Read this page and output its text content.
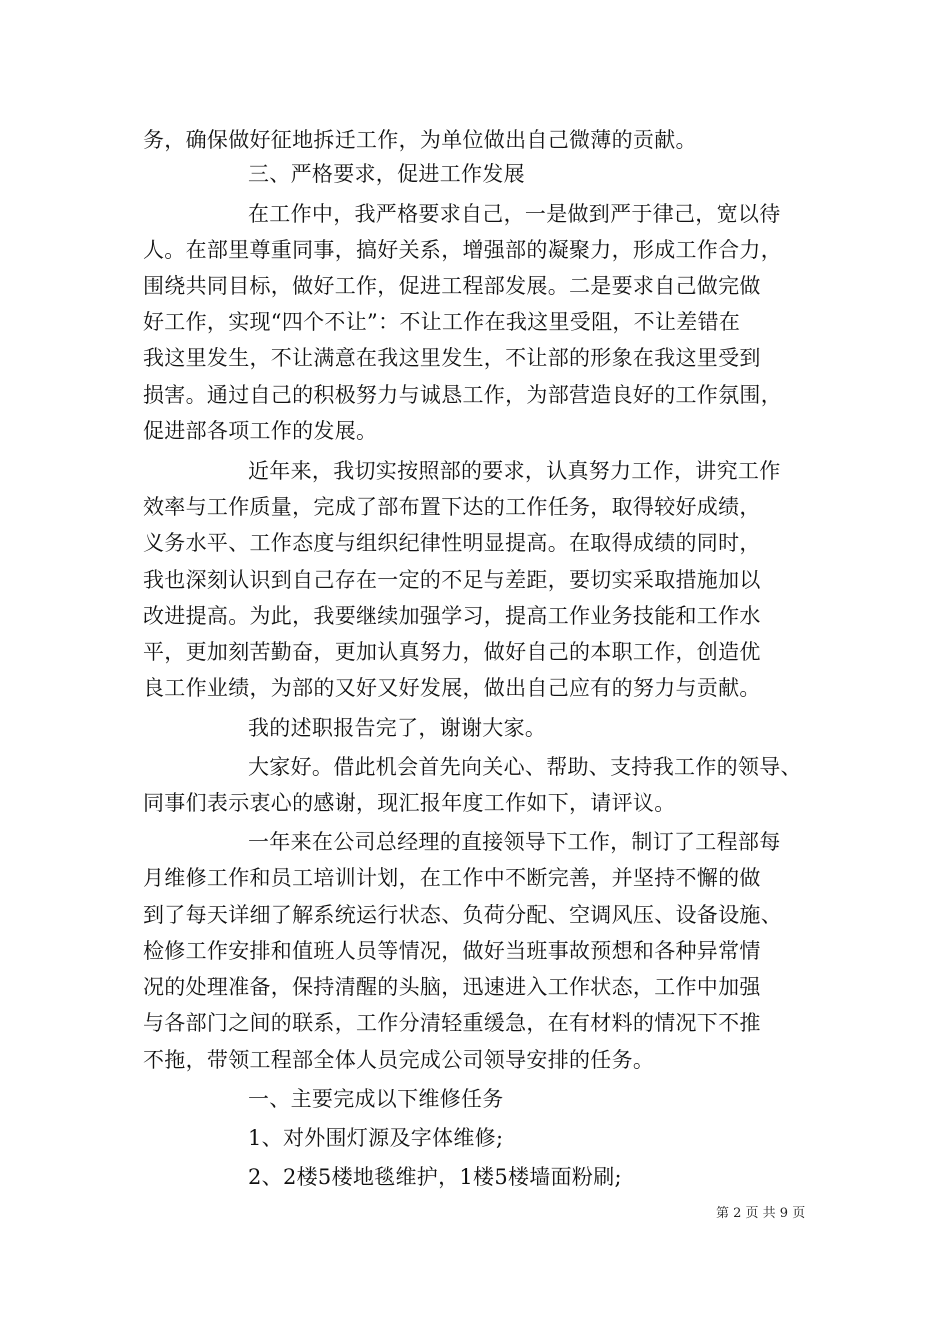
务，确保做好征地拆迁工作，为单位做出自己微薄的贡献。
三、严格要求，促进工作发展
在工作中，我严格要求自己，一是做到严于律己，宽以待
人。在部里尊重同事，搞好关系，增强部的凝聚力，形成工作合力，
围绕共同目标，做好工作，促进工程部发展。二是要求自己做完做
好工作，实现“四个不让”：不让工作在我这里受阻，不让差错在
我这里发生，不让满意在我这里发生，不让部的形象在我这里受到
损害。通过自己的积极努力与诚恳工作，为部营造良好的工作氛围，
促进部各项工作的发展。
近年来，我切实按照部的要求，认真努力工作，讲究工作
效率与工作质量，完成了部布置下达的工作任务，取得较好成绩，
义务水平、工作态度与组织纪律性明显提高。在取得成绩的同时，
我也深刻认识到自己存在一定的不足与差距，要切实采取措施加以
改进提高。为此，我要继续加强学习，提高工作业务技能和工作水
平，更加刻苦勤奋，更加认真努力，做好自己的本职工作，创造优
良工作业绩，为部的又好又好发展，做出自己应有的努力与贡献。
我的述职报告完了，谢谢大家。
大家好。借此机会首先向关心、帮助、支持我工作的领导、
同事们表示衷心的感谢，现汇报年度工作如下，请评议。
一年来在公司总经理的直接领导下工作，制订了工程部每
月维修工作和员工培训计划，在工作中不断完善，并坚持不懈的做
到了每天详细了解系统运行状态、负荷分配、空调风压、设备设施、
检修工作安排和值班人员等情况，做好当班事故预想和各种异常情
况的处理准备，保持清醒的头脑，迅速进入工作状态，工作中加强
与各部门之间的联系，工作分清轻重缓急，在有材料的情况下不推
不拖，带领工程部全体人员完成公司领导安排的任务。
一、主要完成以下维修任务
1、对外围灯源及字体维修;
2、2楼5楼地毯维护，1楼5楼墙面粉刷;
第 2 页 共 9 页
